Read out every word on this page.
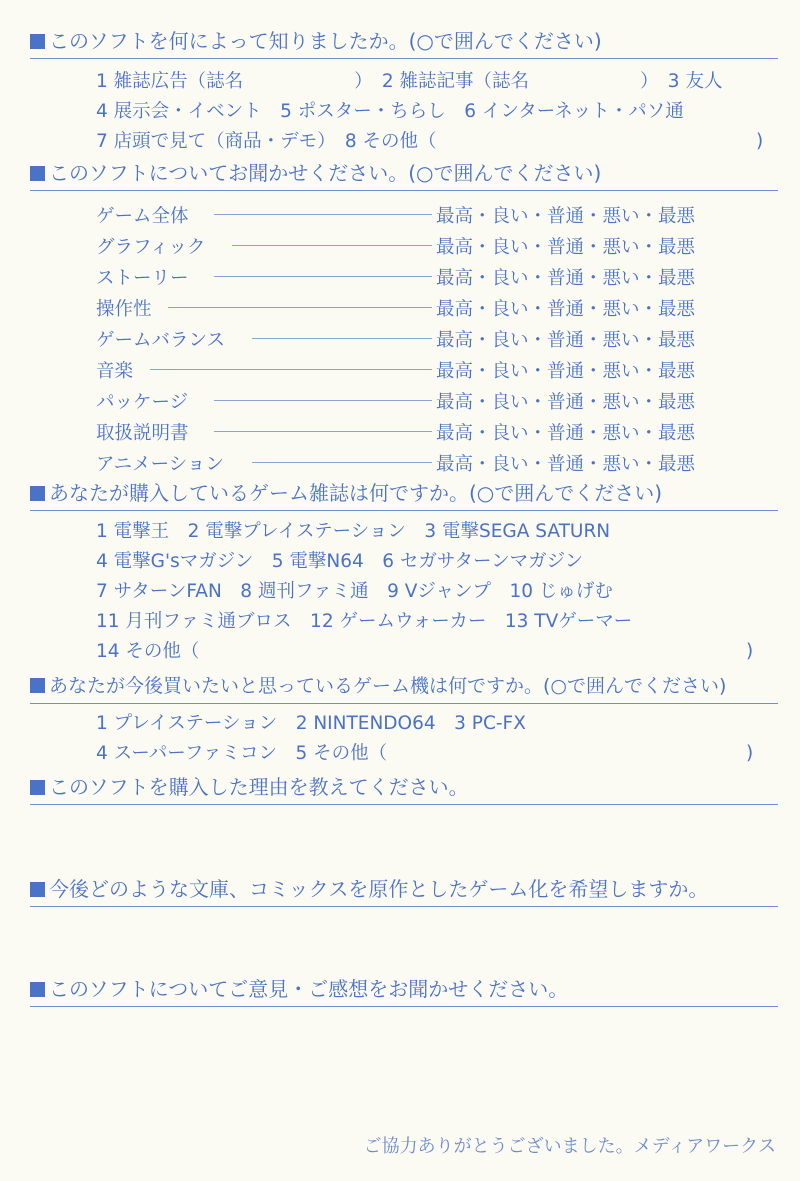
このソフトを何によって知りましたか。(○で囲んでください)
1 雑誌広告（誌名　　　　　　）　2 雑誌記事（誌名　　　　　　）　3 友人
4 展示会・イベント　5 ポスター・ちらし　6 インターネット・パソ通
7 店頭で見て（商品・デモ）　8 その他（	)
このソフトについてお聞かせください。(○で囲んでください)
ゲーム全体	最高・良い・普通・悪い・最悪
グラフィック	最高・良い・普通・悪い・最悪
ストーリー	最高・良い・普通・悪い・最悪
操作性	最高・良い・普通・悪い・最悪
ゲームバランス	最高・良い・普通・悪い・最悪
音楽	最高・良い・普通・悪い・最悪
パッケージ	最高・良い・普通・悪い・最悪
取扱説明書	最高・良い・普通・悪い・最悪
アニメーション	最高・良い・普通・悪い・最悪
あなたが購入しているゲーム雑誌は何ですか。(○で囲んでください)
1 電撃王　2 電撃プレイステーション　3 電撃SEGA SATURN
4 電撃G'sマガジン　5 電撃N64　6 セガサターンマガジン
7 サターンFAN　8 週刊ファミ通　9 Vジャンプ　10 じゅげむ
11 月刊ファミ通ブロス　12 ゲームウォーカー　13 TVゲーマー
14 その他（	)
あなたが今後買いたいと思っているゲーム機は何ですか。(○で囲んでください)
1 プレイステーション　2 NINTENDO64　3 PC-FX
4 スーパーファミコン　5 その他（	)
このソフトを購入した理由を教えてください。
今後どのような文庫、コミックスを原作としたゲーム化を希望しますか。
このソフトについてご意見・ご感想をお聞かせください。
ご協力ありがとうございました。メディアワークス
